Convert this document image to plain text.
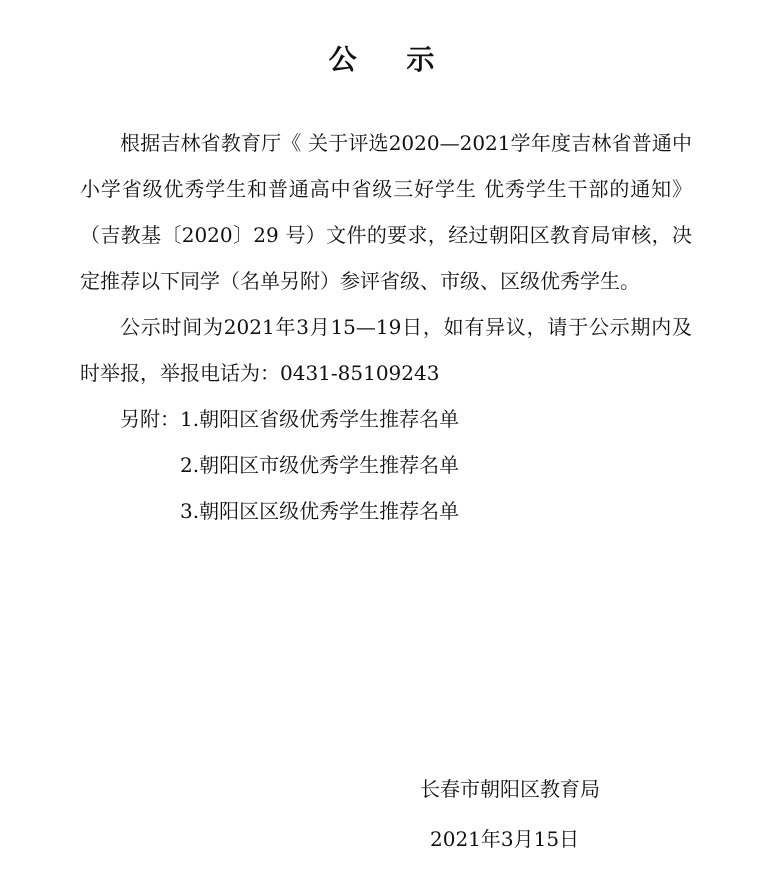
公 示

根据吉林省教育厅《 关于评选2020—2021学年度吉林省普通中小学省级优秀学生和普通高中省级三好学生 优秀学生干部的通知》（吉教基〔2020〕29 号）文件的要求，经过朝阳区教育局审核，决定推荐以下同学（名单另附）参评省级、市级、区级优秀学生。

公示时间为2021年3月15—19日，如有异议，请于公示期内及时举报，举报电话为：0431-85109243

另附：1.朝阳区省级优秀学生推荐名单

2.朝阳区市级优秀学生推荐名单

3.朝阳区区级优秀学生推荐名单

长春市朝阳区教育局
2021年3月15日
